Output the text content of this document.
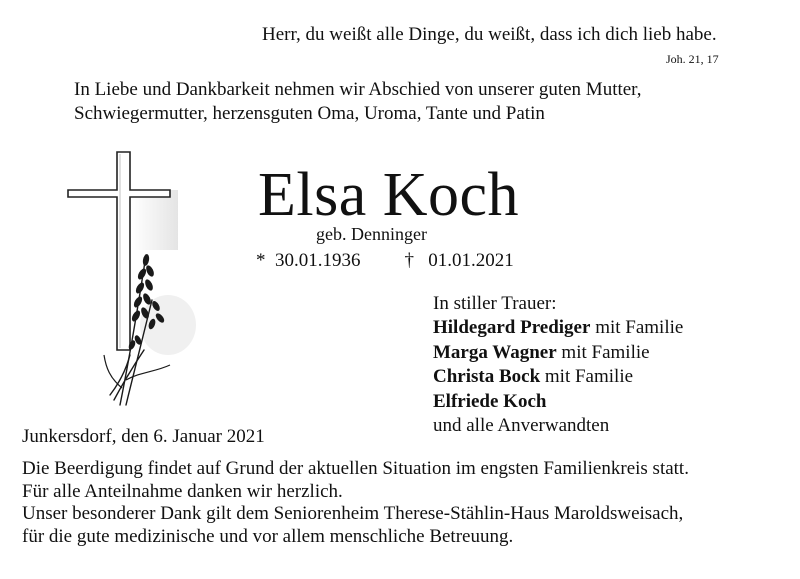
Herr, du weißt alle Dinge, du weißt, dass ich dich lieb habe.
Joh. 21, 17
In Liebe und Dankbarkeit nehmen wir Abschied von unserer guten Mutter,
Schwiegermutter, herzensguten Oma, Uroma, Tante und Patin
Elsa Koch
geb. Denninger
* 30.01.1936 † 01.01.2021
In stiller Trauer:
Hildegard Prediger mit Familie
Marga Wagner mit Familie
Christa Bock mit Familie
Elfriede Koch
und alle Anverwandten
Junkersdorf, den 6. Januar 2021
Die Beerdigung findet auf Grund der aktuellen Situation im engsten Familienkreis statt.
Für alle Anteilnahme danken wir herzlich.
Unser besonderer Dank gilt dem Seniorenheim Therese-Stählin-Haus Maroldsweisach,
für die gute medizinische und vor allem menschliche Betreuung.
